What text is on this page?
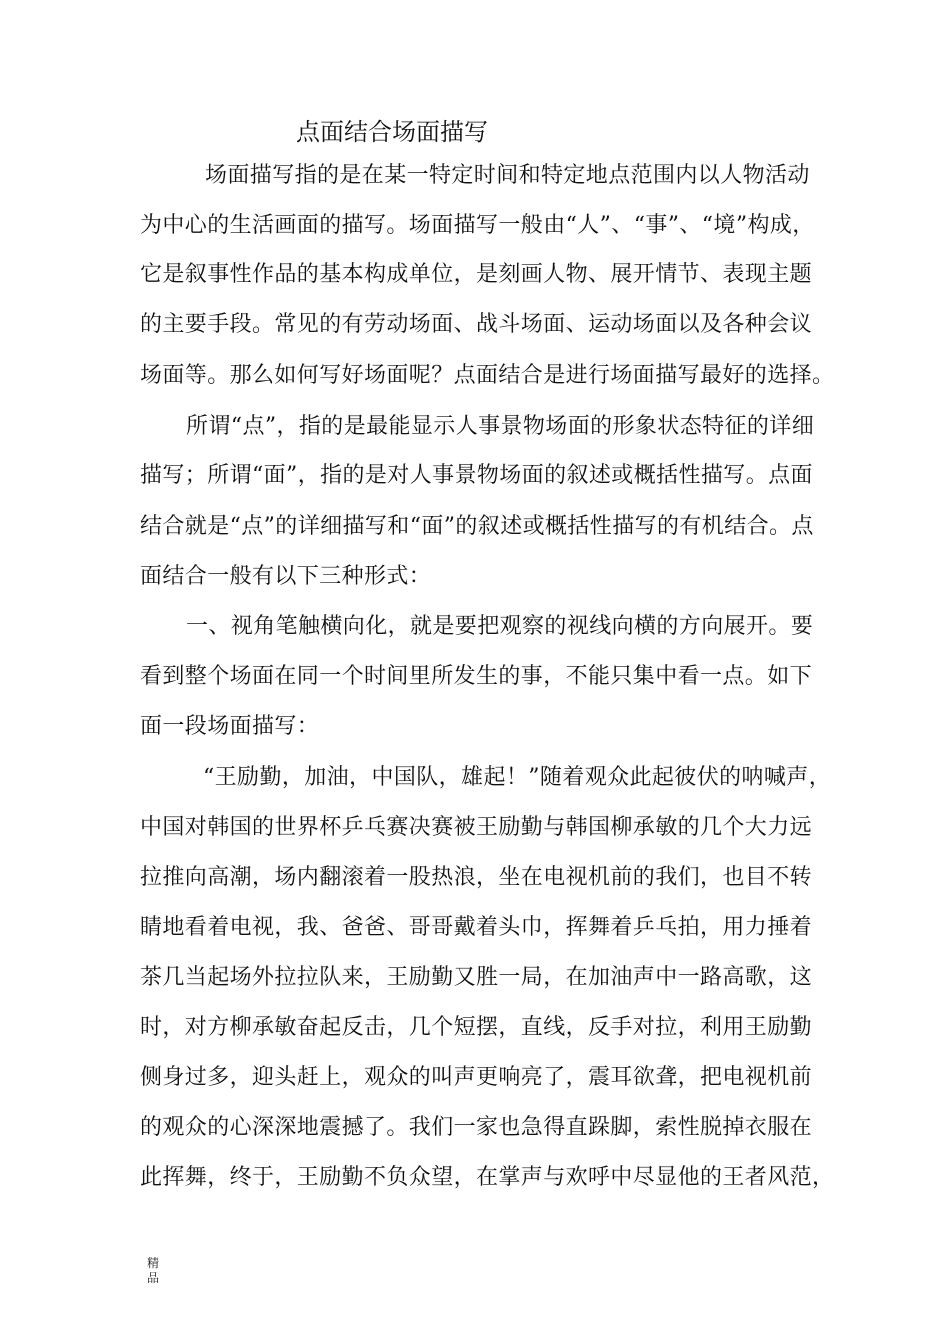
点面结合场面描写
场面描写指的是在某一特定时间和特定地点范围内以人物活动
为中心的生活画面的描写。场面描写一般由“人”、“事”、“境”构成，
它是叙事性作品的基本构成单位，是刻画人物、展开情节、表现主题
的主要手段。常见的有劳动场面、战斗场面、运动场面以及各种会议
场面等。那么如何写好场面呢？点面结合是进行场面描写最好的选择。
所谓“点”，指的是最能显示人事景物场面的形象状态特征的详细
描写；所谓“面”，指的是对人事景物场面的叙述或概括性描写。点面
结合就是“点”的详细描写和“面”的叙述或概括性描写的有机结合。点
面结合一般有以下三种形式：
一、视角笔触横向化，就是要把观察的视线向横的方向展开。要
看到整个场面在同一个时间里所发生的事，不能只集中看一点。如下
面一段场面描写：
“王励勤，加油，中国队，雄起！”随着观众此起彼伏的呐喊声，
中国对韩国的世界杯乒乓赛决赛被王励勤与韩国柳承敏的几个大力远
拉推向高潮，场内翻滚着一股热浪，坐在电视机前的我们，也目不转
睛地看着电视，我、爸爸、哥哥戴着头巾，挥舞着乒乓拍，用力捶着
茶几当起场外拉拉队来，王励勤又胜一局，在加油声中一路高歌，这
时，对方柳承敏奋起反击，几个短摆，直线，反手对拉，利用王励勤
侧身过多，迎头赶上，观众的叫声更响亮了，震耳欲聋，把电视机前
的观众的心深深地震撼了。我们一家也急得直跺脚，索性脱掉衣服在
此挥舞，终于，王励勤不负众望，在掌声与欢呼中尽显他的王者风范，
精品
